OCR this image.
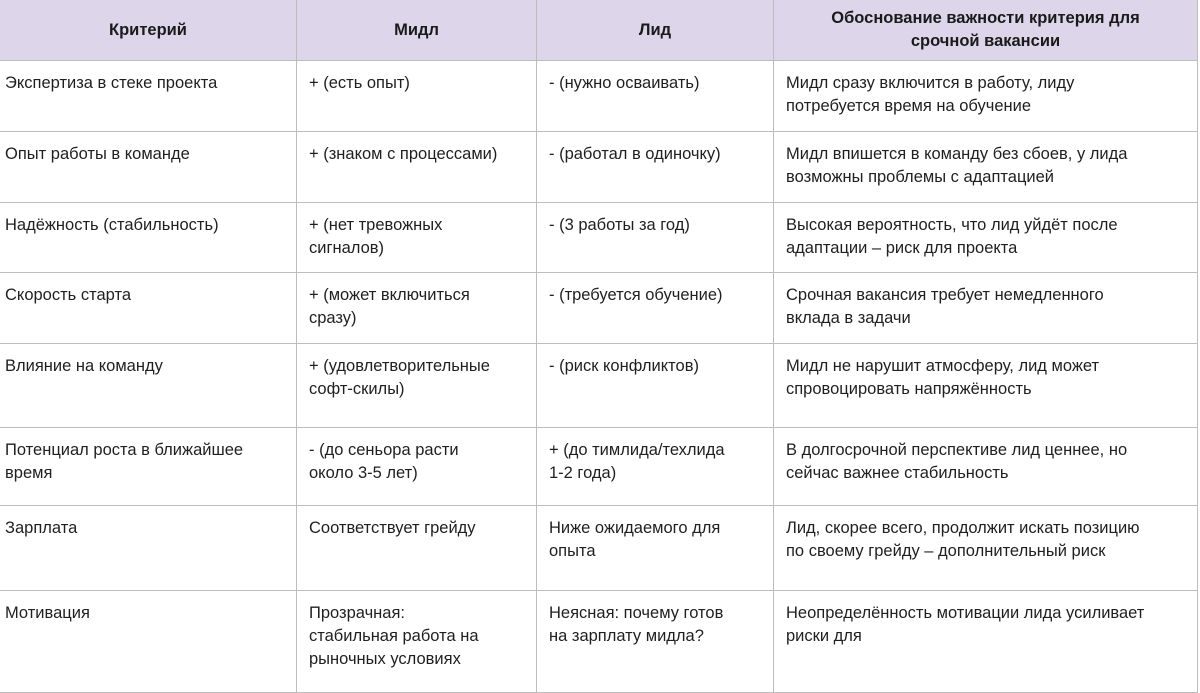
Критерий	Мидл	Лид	Обоснование важности критерия для
срочной вакансии

Экспертиза в стеке проекта	+ (есть опыт)	- (нужно осваивать)	Мидл сразу включится в работу, лиду
потребуется время на обучение

Опыт работы в команде	+ (знаком с процессами)	- (работал в одиночку)	Мидл впишется в команду без сбоев, у лида
возможны проблемы с адаптацией

Надёжность (стабильность)	+ (нет тревожных
сигналов)	- (3 работы за год)	Высокая вероятность, что лид уйдёт после
адаптации – риск для проекта

Скорость старта	+ (может включиться
сразу)	- (требуется обучение)	Срочная вакансия требует немедленного
вклада в задачи

Влияние на команду	+ (удовлетворительные
софт-скилы)	- (риск конфликтов)	Мидл не нарушит атмосферу, лид может
спровоцировать напряжённость

Потенциал роста в ближайшее
время	- (до сеньора расти
около 3-5 лет)	+ (до тимлида/техлида
1-2 года)	В долгосрочной перспективе лид ценнее, но
сейчас важнее стабильность

Зарплата	Соответствует грейду	Ниже ожидаемого для
опыта	Лид, скорее всего, продолжит искать позицию
по своему грейду – дополнительный риск

Мотивация	Прозрачная:
стабильная работа на
рыночных условиях	Неясная: почему готов
на зарплату мидла?	Неопределённость мотивации лида усиливает
риски для
